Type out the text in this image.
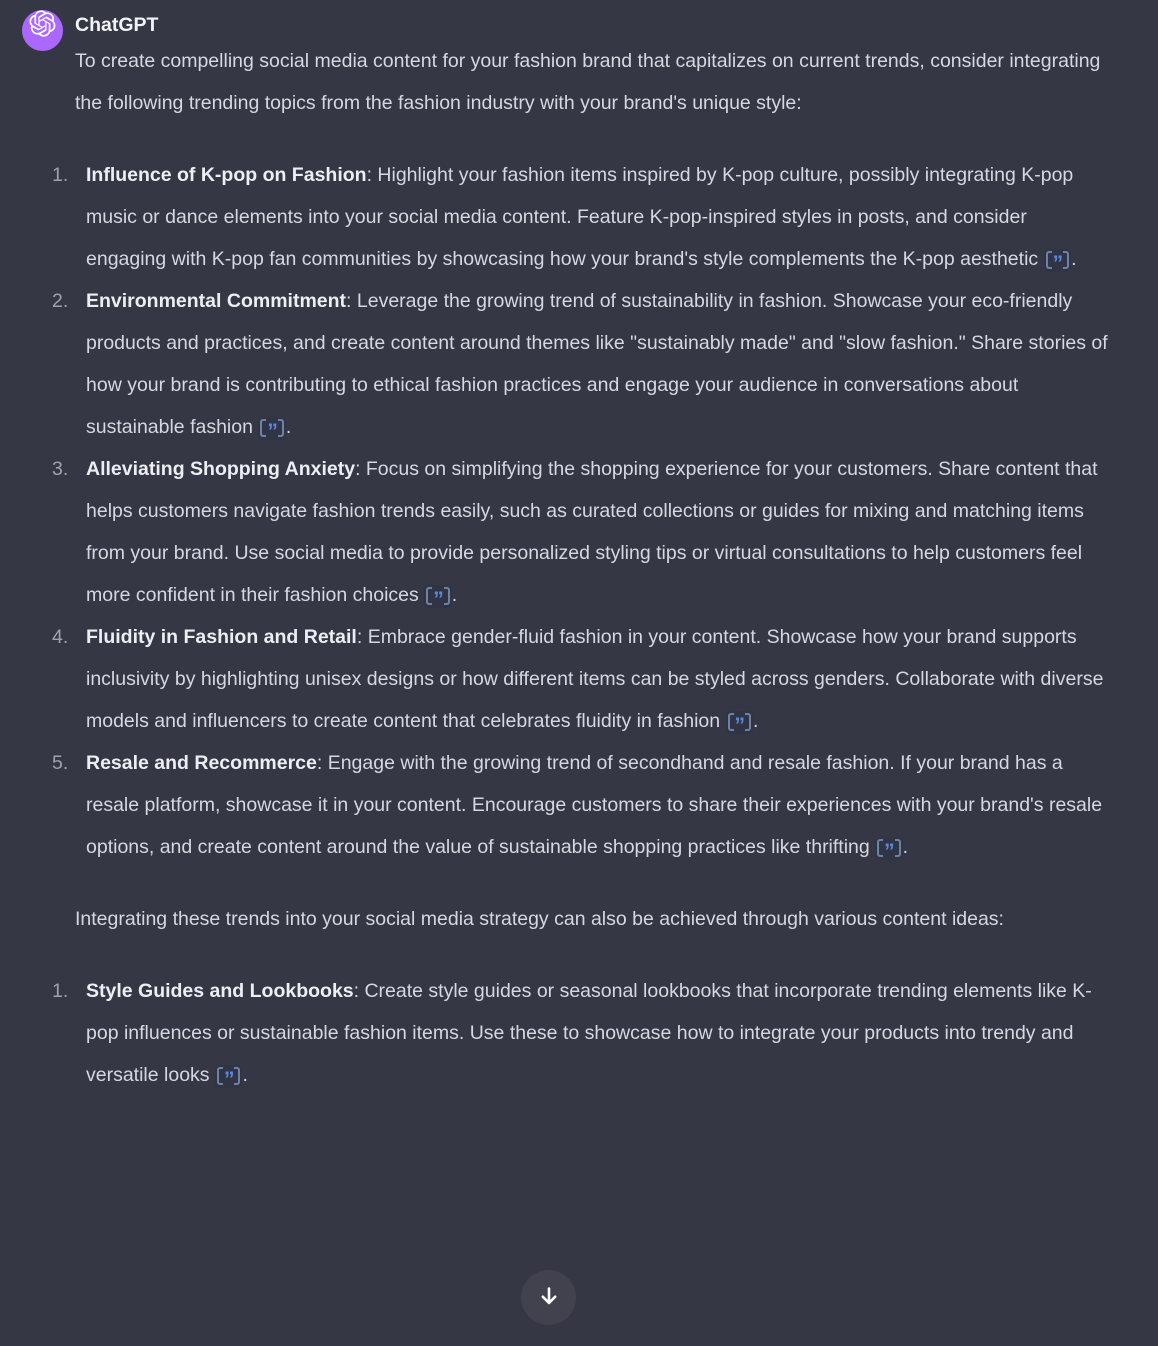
ChatGPT

To create compelling social media content for your fashion brand that capitalizes on current trends, consider integrating the following trending topics from the fashion industry with your brand's unique style:

1. Influence of K-pop on Fashion: Highlight your fashion items inspired by K-pop culture, possibly integrating K-pop music or dance elements into your social media content. Feature K-pop-inspired styles in posts, and consider engaging with K-pop fan communities by showcasing how your brand's style complements the K-pop aesthetic ” .
2. Environmental Commitment: Leverage the growing trend of sustainability in fashion. Showcase your eco-friendly products and practices, and create content around themes like "sustainably made" and "slow fashion." Share stories of how your brand is contributing to ethical fashion practices and engage your audience in conversations about sustainable fashion ” .
3. Alleviating Shopping Anxiety: Focus on simplifying the shopping experience for your customers. Share content that helps customers navigate fashion trends easily, such as curated collections or guides for mixing and matching items from your brand. Use social media to provide personalized styling tips or virtual consultations to help customers feel more confident in their fashion choices ” .
4. Fluidity in Fashion and Retail: Embrace gender-fluid fashion in your content. Showcase how your brand supports inclusivity by highlighting unisex designs or how different items can be styled across genders. Collaborate with diverse models and influencers to create content that celebrates fluidity in fashion ” .
5. Resale and Recommerce: Engage with the growing trend of secondhand and resale fashion. If your brand has a resale platform, showcase it in your content. Encourage customers to share their experiences with your brand's resale options, and create content around the value of sustainable shopping practices like thrifting ” .

Integrating these trends into your social media strategy can also be achieved through various content ideas:

1. Style Guides and Lookbooks: Create style guides or seasonal lookbooks that incorporate trending elements like K-pop influences or sustainable fashion items. Use these to showcase how to integrate your products into trendy and versatile looks ” .
